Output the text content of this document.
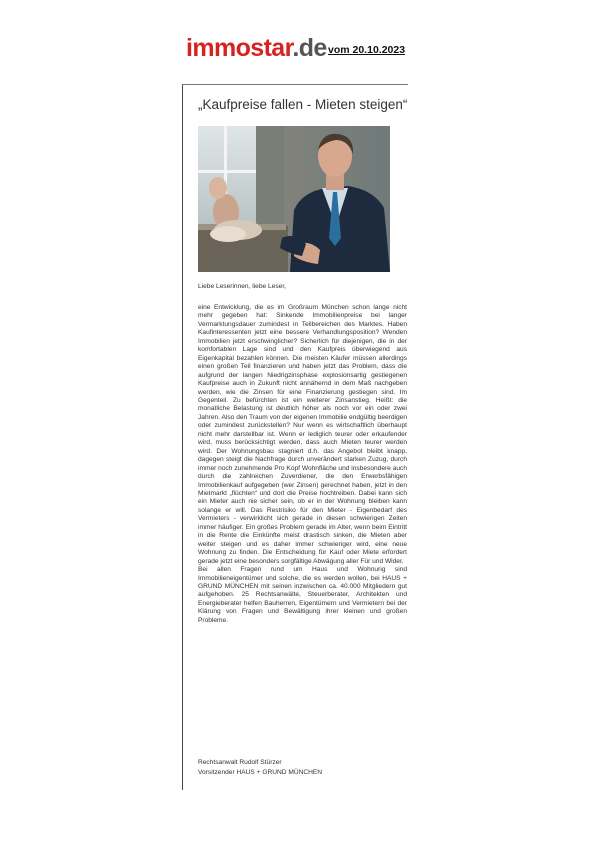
immostar.de vom 20.10.2023
„Kaufpreise fallen - Mieten steigen“
Liebe Leserinnen, liebe Leser,

eine Entwicklung, die es im Großraum München schon lange nicht mehr gegeben hat: Sinkende Immobilienpreise bei langer Vermarktungsdauer zumindest in Teilbereichen des Marktes. Haben Kaufinteressenten jetzt eine bessere Verhandlungsposition? Wenden Immobilien jetzt erschwinglicher? Sicherlich für diejenigen, die in der komfortablen Lage sind und den Kaufpreis überwiegend aus Eigenkapital bezahlen können. Die meisten Käufer müssen allerdings einen großen Teil finanzieren und haben jetzt das Problem, dass die aufgrund der langen Niedrigzinsphase explosionsartig gestiegenen Kaufpreise auch in Zukunft nicht annähernd in dem Maß nachgeben werden, wie die Zinsen für eine Finanzierung gestiegen sind. Im Gegenteil. Zu befürchten ist ein weiterer Zinsanstieg. Heißt: die monatliche Belastung ist deutlich höher als noch vor ein oder zwei Jahren. Also den Traum von der eigenen Immobilie endgültig beerdigen oder zumindest zurückstellen? Nur wenn es wirtschaftlich überhaupt nicht mehr darstellbar ist. Wenn er lediglich teurer oder erkaufender wird, muss berücksichtigt werden, dass auch Mieten teurer werden wird. Der Wohnungsbau stagniert d.h. das Angebot bleibt knapp, dagegen steigt die Nachfrage durch unverändert starken Zuzug, durch immer noch zunehmende Pro Kopf Wohnfläche und insbesondere auch durch die zahlreichen Zuverdiener, die den Erwerbsfähigen Immobilienkauf aufgegeben (wer Zinsen) gerechnet haben, jetzt in den Mietmarkt „flüchten“ und dort die Preise hochtreiben. Dabei kann sich ein Mieter auch nie sicher sein, ob er in der Wohnung bleiben kann solange er will. Das Restrisiko für den Mieter - Eigenbedarf des Vermieters - verwirklicht sich gerade in diesen schwierigen Zeiten immer häufiger. Ein großes Problem gerade im Alter, wenn beim Eintritt in die Rente die Einkünfte meist drastisch sinken, die Mieten aber weiter steigen und es daher immer schwieriger wird, eine neue Wohnung zu finden. Die Entscheidung für Kauf oder Miete erfordert gerade jetzt eine besonders sorgfältige Abwägung aller Für und Wider.

Bei allen Fragen rund um Haus und Wohnung sind Immobilieneigentümer und solche, die es werden wollen, bei HAUS + GRUND MÜNCHEN mit seinen inzwischen ca. 40.000 Mitgliedern gut aufgehoben. 25 Rechtsanwälte, Steuerberater, Architekten und Energieberater helfen Bauherren, Eigentümern und Vermietern bei der Klärung von Fragen und Bewältigung ihrer kleinen und großen Probleme.

Rechtsanwalt Rudolf Stürzer
Vorsitzender HAUS + GRUND MÜNCHEN
